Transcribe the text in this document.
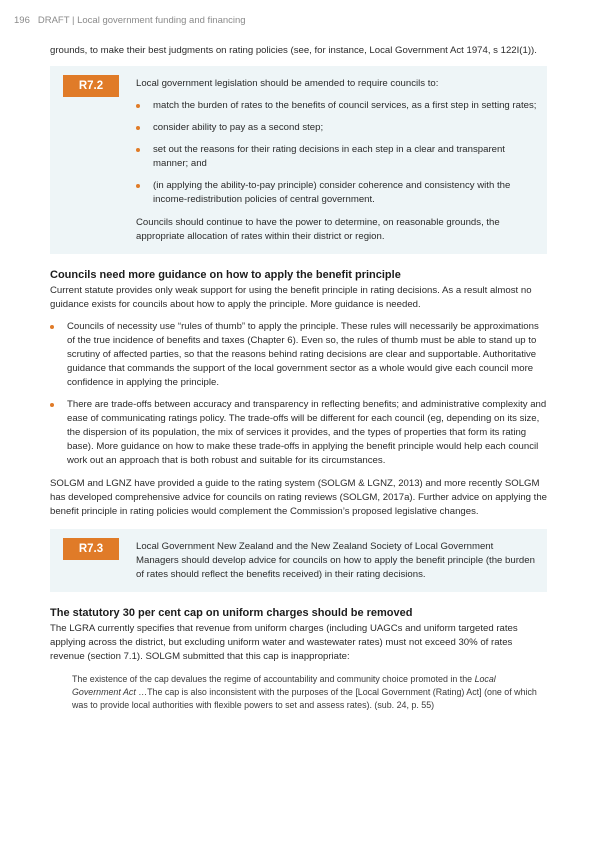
196 DRAFT | Local government funding and financing

grounds, to make their best judgments on rating policies (see, for instance, Local Government Act 1974, s 122I(1)).

R7.2	Local government legislation should be amended to require councils to:

match the burden of rates to the benefits of council services, as a first step in setting rates;
consider ability to pay as a second step;
set out the reasons for their rating decisions in each step in a clear and transparent manner; and
(in applying the ability-to-pay principle) consider coherence and consistency with the income-redistribution policies of central government.

Councils should continue to have the power to determine, on reasonable grounds, the appropriate allocation of rates within their district or region.

Councils need more guidance on how to apply the benefit principle

Current statute provides only weak support for using the benefit principle in rating decisions. As a result almost no guidance exists for councils about how to apply the principle. More guidance is needed.

Councils of necessity use “rules of thumb” to apply the principle. These rules will necessarily be approximations of the true incidence of benefits and taxes (Chapter 6). Even so, the rules of thumb must be able to stand up to scrutiny of affected parties, so that the reasons behind rating decisions are clear and supportable. Authoritative guidance that commands the support of the local government sector as a whole would give each council more confidence in applying the principle.
There are trade-offs between accuracy and transparency in reflecting benefits; and administrative complexity and ease of communicating ratings policy. The trade-offs will be different for each council (eg, depending on its size, the dispersion of its population, the mix of services it provides, and the types of properties that form its rating base). More guidance on how to make these trade-offs in applying the benefit principle would help each council work out an approach that is both robust and suitable for its circumstances.

SOLGM and LGNZ have provided a guide to the rating system (SOLGM & LGNZ, 2013) and more recently SOLGM has developed comprehensive advice for councils on rating reviews (SOLGM, 2017a). Further advice on applying the benefit principle in rating policies would complement the Commission’s proposed legislative changes.

R7.3	Local Government New Zealand and the New Zealand Society of Local Government Managers should develop advice for councils on how to apply the benefit principle (the burden of rates should reflect the benefits received) in their rating decisions.

The statutory 30 per cent cap on uniform charges should be removed

The LGRA currently specifies that revenue from uniform charges (including UAGCs and uniform targeted rates applying across the district, but excluding uniform water and wastewater rates) must not exceed 30% of rates revenue (section 7.1). SOLGM submitted that this cap is inappropriate:

The existence of the cap devalues the regime of accountability and community choice promoted in the Local Government Act …The cap is also inconsistent with the purposes of the [Local Government (Rating) Act] (one of which was to provide local authorities with flexible powers to set and assess rates). (sub. 24, p. 55)
